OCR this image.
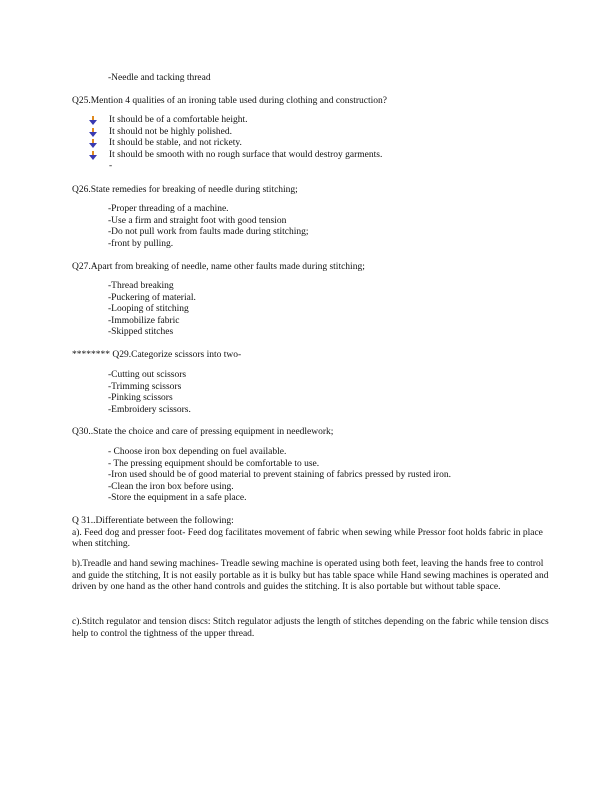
-Needle and tacking thread
Q25.Mention 4 qualities of an ironing table used during clothing and construction?
It should be of a comfortable height.
It should not be highly polished.
It should be stable, and not rickety.
It should be smooth with no rough surface that would destroy garments.
-
Q26.State remedies for breaking of needle during stitching;
-Proper threading of a machine.
-Use a firm and straight foot with good tension
-Do not pull work from faults made during stitching;
-front by pulling.
Q27.Apart from breaking of needle, name other faults made during stitching;
-Thread breaking
-Puckering of material.
-Looping of stitching
-Immobilize fabric
-Skipped stitches
******** Q29.Categorize scissors into two-
-Cutting out scissors
-Trimming scissors
-Pinking scissors
-Embroidery scissors.
Q30..State the choice and care of pressing equipment in needlework;
- Choose iron box depending on fuel available.
- The pressing equipment should be comfortable to use.
-Iron used should be of good material to prevent staining of fabrics pressed by rusted iron.
-Clean the iron box before using.
-Store the equipment in a safe place.
Q 31..Differentiate between the following:
a). Feed dog and presser foot- Feed dog facilitates movement of fabric when sewing while Pressor foot holds fabric in place when stitching.
b).Treadle and hand sewing machines- Treadle sewing machine is operated using both feet, leaving the hands free to control and guide the stitching, It is not easily portable as it is bulky but has table space while Hand sewing machines is operated and driven by one hand as the other hand controls and guides the stitching. It is also portable but without table space.
c).Stitch regulator and tension discs: Stitch regulator adjusts the length of stitches depending on the fabric while tension discs help to control the tightness of the upper thread.
